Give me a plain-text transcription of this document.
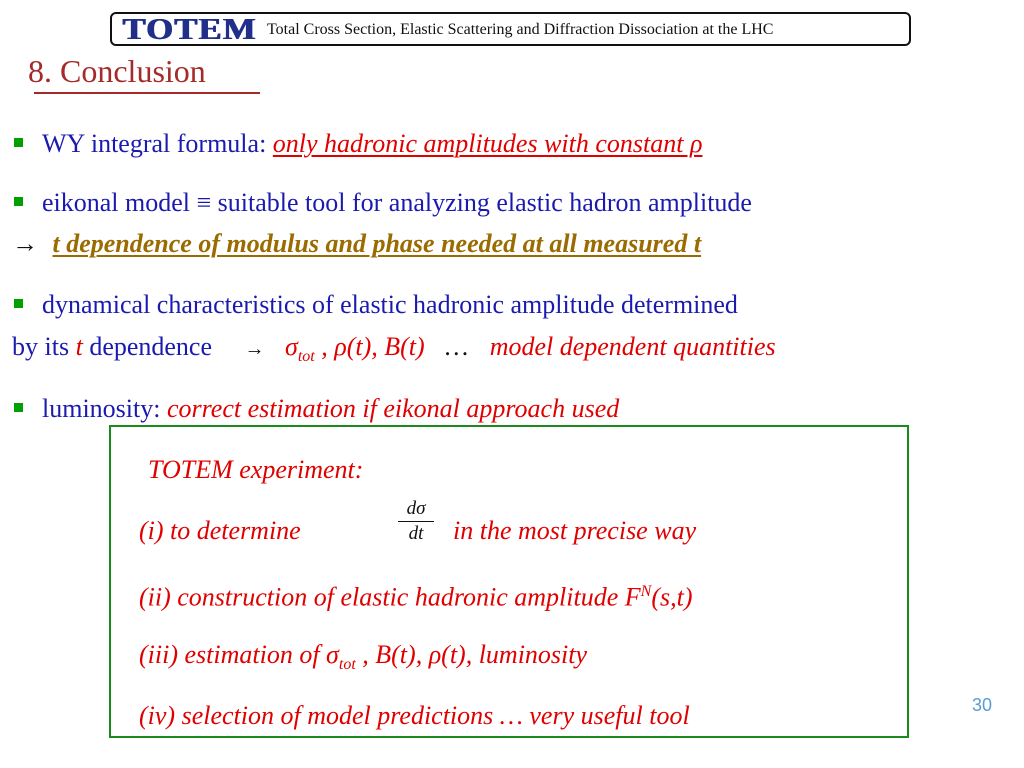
TOTEM Total Cross Section, Elastic Scattering and Diffraction Dissociation at the LHC
8. Conclusion
WY integral formula: only hadronic amplitudes with constant ρ
eikonal model ≡ suitable tool for analyzing elastic hadron amplitude
→ t dependence of modulus and phase needed at all measured t
dynamical characteristics of elastic hadronic amplitude determined
by its t dependence → $\sigma_{tot}$ , ρ(t), B(t) … model dependent quantities
luminosity: correct estimation if eikonal approach used
TOTEM experiment:
(i) to determine
dσ
dt	in the most precise way
(ii) construction of elastic hadronic amplitude $F^N(s,t)$
(iii) estimation of $\sigma_{tot}$ , B(t), ρ(t), luminosity
(iv) selection of model predictions … very useful tool	30
